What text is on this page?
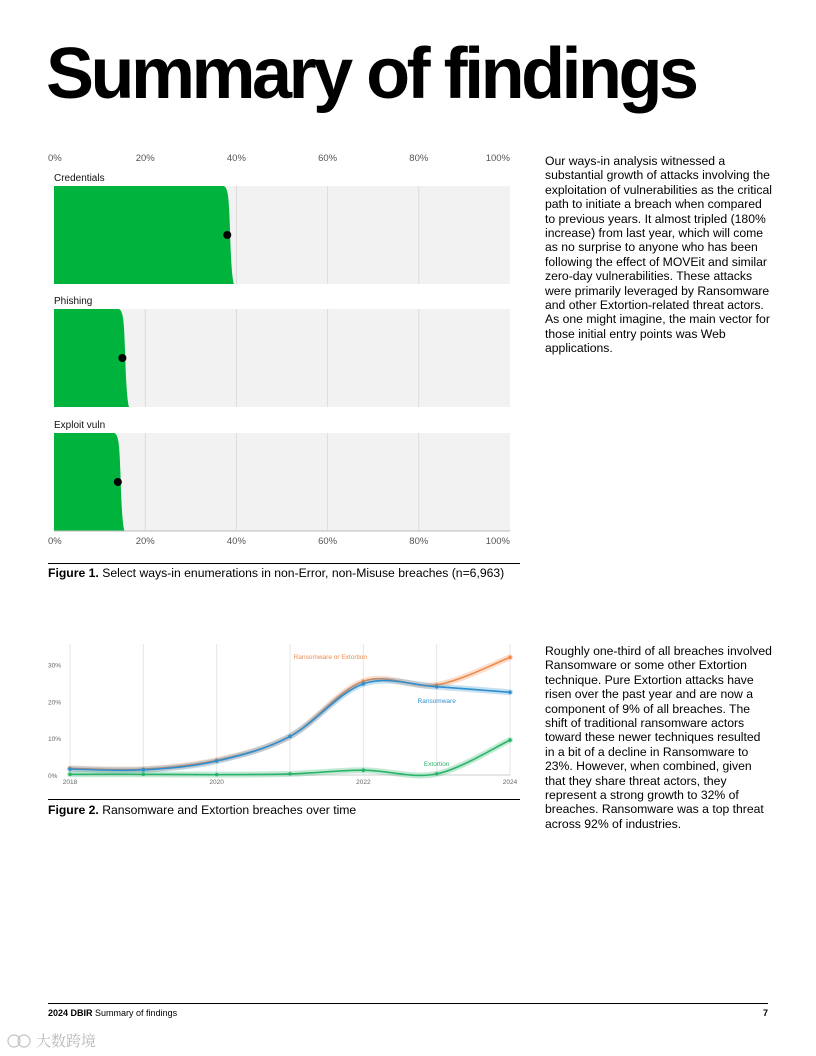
Summary of findings
0%
0%
20%
20%
40%
40%
60%
60%
80%
80%
100%
100%
Credentials
Phishing
Exploit vuln

Figure 1. Select ways-in enumerations in non-Error, non-Misuse breaches (n=6,963)

Our ways-in analysis witnessed a substantial growth of attacks involving the exploitation of vulnerabilities as the critical path to initiate a breach when compared to previous years. It almost tripled (180% increase) from last year, which will come as no surprise to anyone who has been following the effect of MOVEit and similar zero-day vulnerabilities. These attacks were primarily leveraged by Ransomware and other Extortion-related threat actors. As one might imagine, the main vector for those initial entry points was Web applications.

0%
10%
20%
30%
2018	2020	2022	2024
Ransomware or Extortion
Ransomware
Extortion

Figure 2. Ransomware and Extortion breaches over time

Roughly one-third of all breaches involved Ransomware or some other Extortion technique. Pure Extortion attacks have risen over the past year and are now a component of 9% of all breaches. The shift of traditional ransomware actors toward these newer techniques resulted in a bit of a decline in Ransomware to 23%. However, when combined, given that they share threat actors, they represent a strong growth to 32% of breaches. Ransomware was a top threat across 92% of industries.

2024 DBIR Summary of findings	7
大数跨境
